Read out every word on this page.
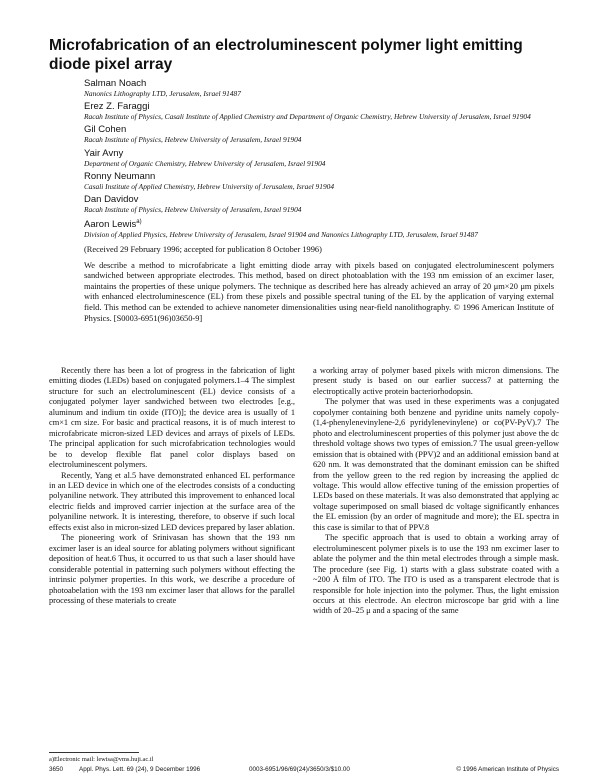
Microfabrication of an electroluminescent polymer light emitting diode pixel array
Salman Noach
Nanonics Lithography LTD, Jerusalem, Israel 91487
Erez Z. Faraggi
Racah Institute of Physics, Casali Institute of Applied Chemistry and Department of Organic Chemistry, Hebrew University of Jerusalem, Israel 91904
Gil Cohen
Racah Institute of Physics, Hebrew University of Jerusalem, Israel 91904
Yair Avny
Department of Organic Chemistry, Hebrew University of Jerusalem, Israel 91904
Ronny Neumann
Casali Institute of Applied Chemistry, Hebrew University of Jerusalem, Israel 91904
Dan Davidov
Racah Institute of Physics, Hebrew University of Jerusalem, Israel 91904
Aaron Lewis$^{a)}$
Division of Applied Physics, Hebrew University of Jerusalem, Israel 91904 and Nanonics Lithography LTD, Jerusalem, Israel 91487

(Received 29 February 1996; accepted for publication 8 October 1996)

We describe a method to microfabricate a light emitting diode array with pixels based on conjugated electroluminescent polymers sandwiched between appropriate electrodes. This method, based on direct photoablation with the 193 nm emission of an excimer laser, maintains the properties of these unique polymers. The technique as described here has already achieved an array of 20 μm×20 μm pixels with enhanced electroluminescence (EL) from these pixels and possible spectral tuning of the EL by the application of varying external field. This method can be extended to achieve nanometer dimensionalities using near-field nanolithography. © 1996 American Institute of Physics. [S0003-6951(96)03650-9]

Recently there has been a lot of progress in the fabrication of light emitting diodes (LEDs) based on conjugated polymers.1–4 The simplest structure for such an electroluminescent (EL) device consists of a conjugated polymer layer sandwiched between two electrodes [e.g., aluminum and indium tin oxide (ITO)]; the device area is usually of 1 cm×1 cm size. For basic and practical reasons, it is of much interest to microfabricate micron-sized LED devices and arrays of pixels of LEDs. The principal application for such microfabrication technologies would be to develop flexible flat panel color displays based on electroluminescent polymers.

Recently, Yang et al.5 have demonstrated enhanced EL performance in an LED device in which one of the electrodes consists of a conducting polyaniline network. They attributed this improvement to enhanced local electric fields and improved carrier injection at the surface area of the polyaniline network. It is interesting, therefore, to observe if such local effects exist also in micron-sized LED devices prepared by laser ablation.

The pioneering work of Srinivasan has shown that the 193 nm excimer laser is an ideal source for ablating polymers without significant deposition of heat.6 Thus, it occurred to us that such a laser should have considerable potential in patterning such polymers without effecting the intrinsic polymer properties. In this work, we describe a procedure of photoabelation with the 193 nm excimer laser that allows for the parallel processing of these materials to create

a working array of polymer based pixels with micron dimensions. The present study is based on our earlier success7 at patterning the electroptically active protein bacteriorhodopsin.

The polymer that was used in these experiments was a conjugated copolymer containing both benzene and pyridine units namely copoly-(1,4-phenylenevinylene-2,6 pyridylenevinylene) or co(PV-PyV).7 The photo and electroluminescent properties of this polymer just above the dc threshold voltage shows two types of emission.7 The usual green-yellow emission that is obtained with (PPV)2 and an additional emission band at 620 nm. It was demonstrated that the dominant emission can be shifted from the yellow green to the red region by increasing the applied dc voltage. This would allow effective tuning of the emission properties of LEDs based on these materials. It was also demonstrated that applying ac voltage superimposed on small biased dc voltage significantly enhances the EL emission (by an order of magnitude and more); the EL spectra in this case is similar to that of PPV.8

The specific approach that is used to obtain a working array of electroluminescent polymer pixels is to use the 193 nm excimer laser to ablate the polymer and the thin metal electrodes through a simple mask. The procedure (see Fig. 1) starts with a glass substrate coated with a ~200 Å film of ITO. The ITO is used as a transparent electrode that is responsible for hole injection into the polymer. Thus, the light emission occurs at this electrode. An electron microscope bar grid with a line width of 20–25 μ and a spacing of the same

a)Electronic mail: lewisa@vms.huji.ac.il
3650	Appl. Phys. Lett. 69 (24), 9 December 1996	0003-6951/96/69(24)/3650/3/$10.00	© 1996 American Institute of Physics
